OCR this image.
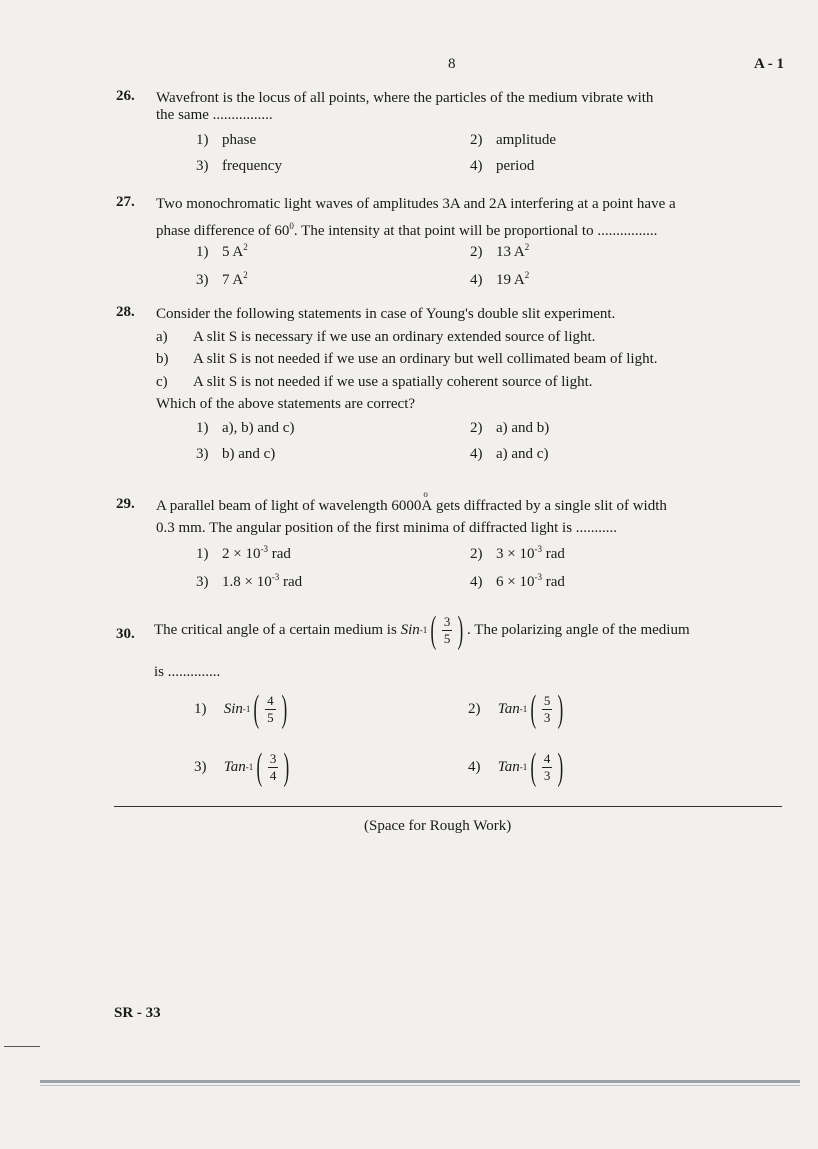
8	A - 1
26. Wavefront is the locus of all points, where the particles of the medium vibrate with
the same ................
1) phase	2) amplitude
3) frequency	4) period
27. Two monochromatic light waves of amplitudes 3A and 2A interfering at a point have a
phase difference of $60^0$. The intensity at that point will be proportional to ................
1) 5 $A^2$	2) 13 $A^2$
3) 7 $A^2$	4) 19 $A^2$
28. Consider the following statements in case of Young's double slit experiment.
a) A slit S is necessary if we use an ordinary extended source of light.
b) A slit S is not needed if we use an ordinary but well collimated beam of light.
c) A slit S is not needed if we use a spatially coherent source of light.
Which of the above statements are correct?
1) a), b) and c)	2) a) and b)
3) b) and c)	4) a) and c)
29. A parallel beam of light of wavelength 6000
o
A gets diffracted by a single slit of width
0.3 mm. The angular position of the first minima of diffracted light is ...........
1) $2 \times 10^{-3}$ rad	2) $3 \times 10^{-3}$ rad
3) $1.8 \times 10^{-3}$ rad	4) $6 \times 10^{-3}$ rad
30. The critical angle of a certain medium is Sin -1 ( $\frac{3}{5}$ ) . The polarizing angle of the medium
is ..............
1) Sin -1 ( $\frac{4}{5}$ )	2) Tan -1 ( $\frac{5}{3}$ )
3) Tan -1 ( $\frac{3}{4}$ )	4) Tan -1 ( $\frac{4}{3}$ )
(Space for Rough Work)
SR - 33
